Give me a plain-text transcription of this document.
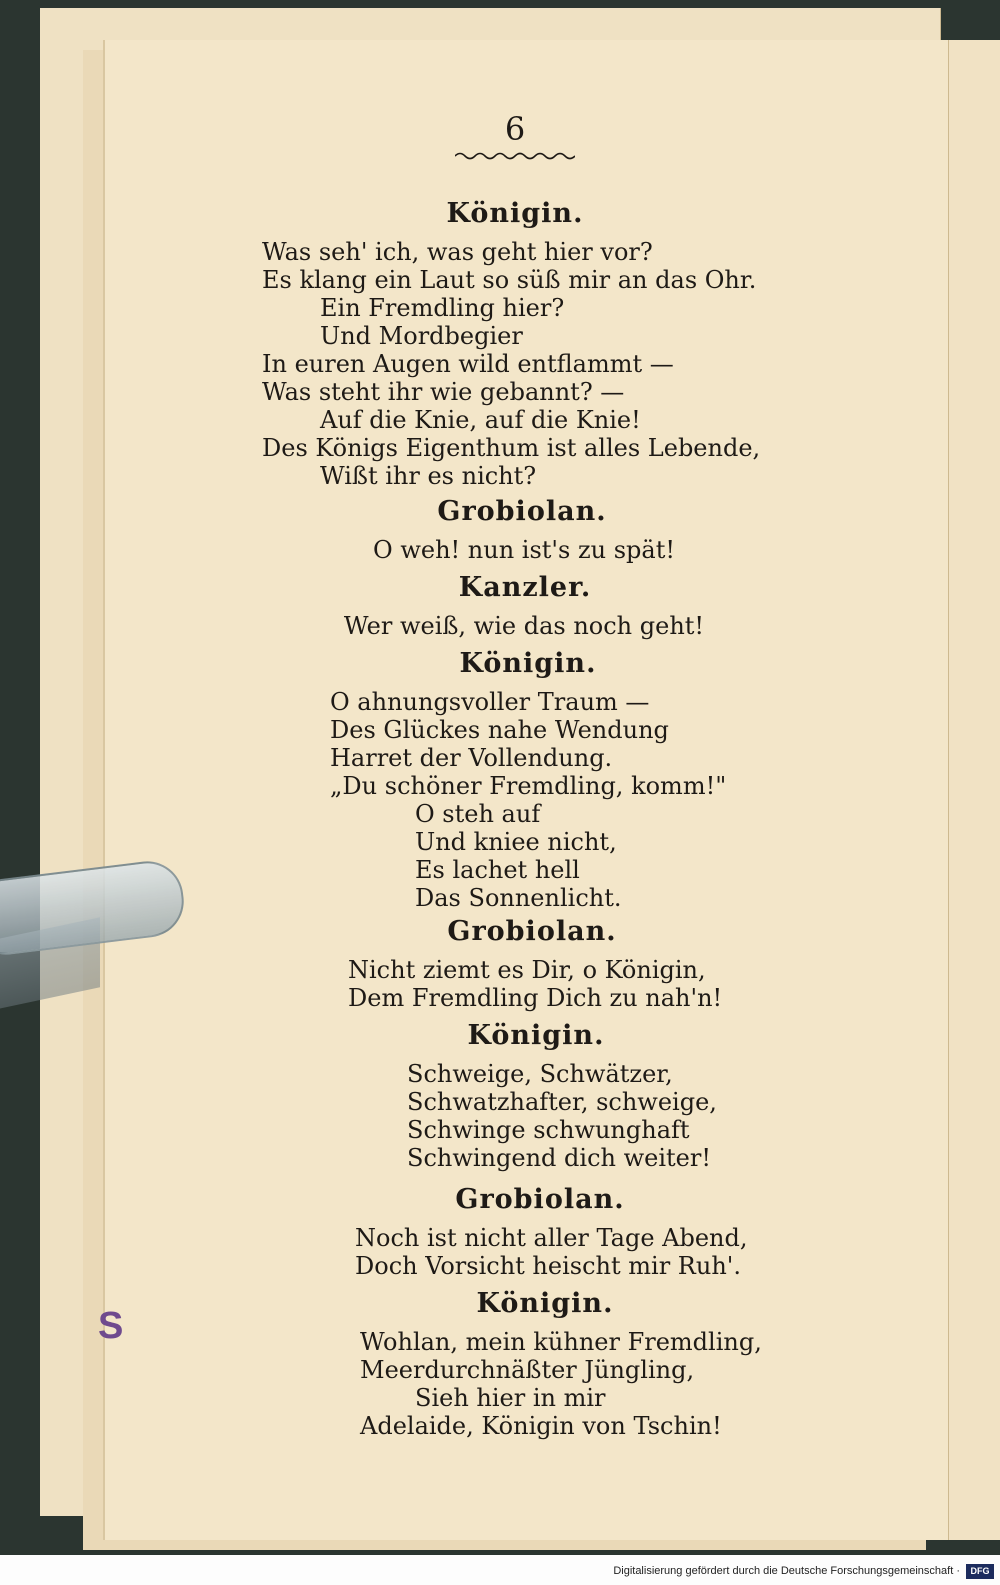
S
6
Königin.
Was seh' ich, was geht hier vor?
Es klang ein Laut so süß mir an das Ohr.
Ein Fremdling hier?
Und Mordbegier
In euren Augen wild entflammt —
Was steht ihr wie gebannt? —
Auf die Knie, auf die Knie!
Des Königs Eigenthum ist alles Lebende,
Wißt ihr es nicht?
Grobiolan.
O weh! nun ist's zu spät!
Kanzler.
Wer weiß, wie das noch geht!
Königin.
O ahnungsvoller Traum —
Des Glückes nahe Wendung
Harret der Vollendung.
„Du schöner Fremdling, komm!"
O steh auf
Und kniee nicht,
Es lachet hell
Das Sonnenlicht.
Grobiolan.
Nicht ziemt es Dir, o Königin,
Dem Fremdling Dich zu nah'n!
Königin.
Schweige, Schwätzer,
Schwatzhafter, schweige,
Schwinge schwunghaft
Schwingend dich weiter!
Grobiolan.
Noch ist nicht aller Tage Abend,
Doch Vorsicht heischt mir Ruh'.
Königin.
Wohlan, mein kühner Fremdling,
Meerdurchnäßter Jüngling,
Sieh hier in mir
Adelaide, Königin von Tschin!
Digitalisierung gefördert durch die Deutsche Forschungsgemeinschaft ·	DFG
